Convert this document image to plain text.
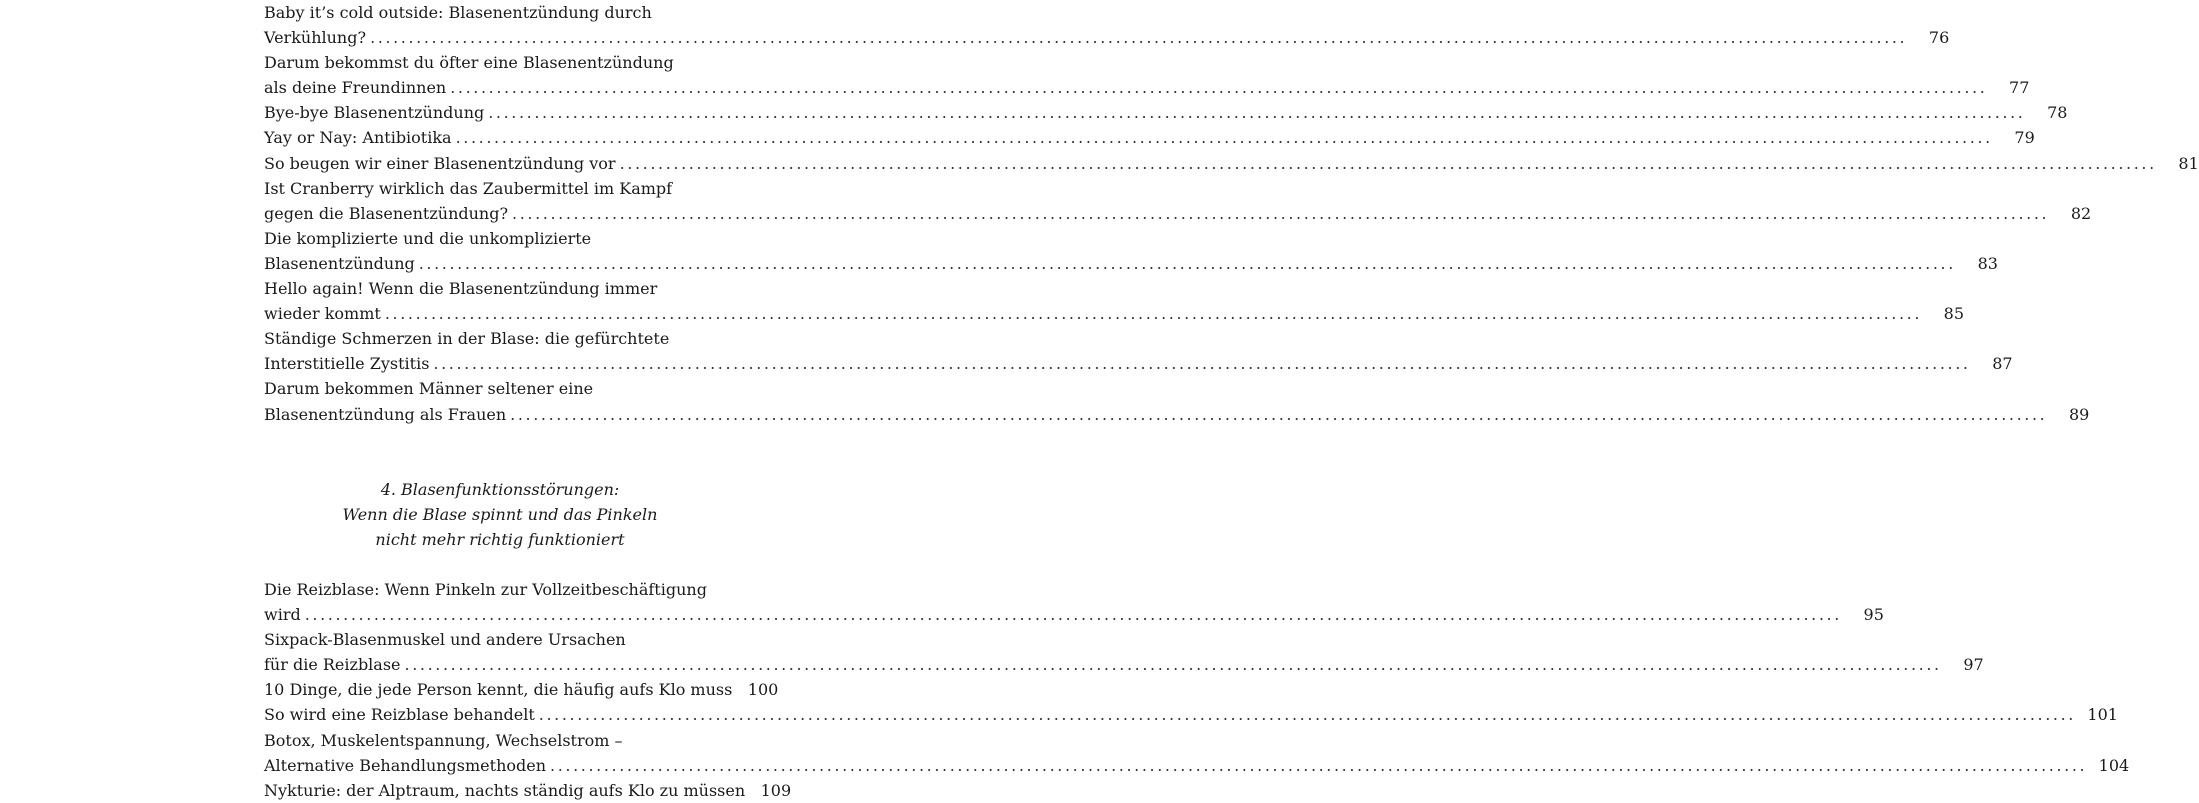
Baby it’s cold outside: Blasenentzündung durch
Verkühlung? ........................................................................................................................................................................................................	76
Darum bekommst du öfter eine Blasenentzündung
als deine Freundinnen ........................................................................................................................................................................................................	77
Bye-bye Blasenentzündung ........................................................................................................................................................................................................	78
Yay or Nay: Antibiotika ........................................................................................................................................................................................................	79
So beugen wir einer Blasenentzündung vor ........................................................................................................................................................................................................	81
Ist Cranberry wirklich das Zaubermittel im Kampf
gegen die Blasenentzündung? ........................................................................................................................................................................................................	82
Die komplizierte und die unkomplizierte
Blasenentzündung ........................................................................................................................................................................................................	83
Hello again! Wenn die Blasenentzündung immer
wieder kommt ........................................................................................................................................................................................................	85
Ständige Schmerzen in der Blase: die gefürchtete
Interstitielle Zystitis ........................................................................................................................................................................................................	87
Darum bekommen Männer seltener eine
Blasenentzündung als Frauen ........................................................................................................................................................................................................	89
4. Blasenfunktionsstörungen:
Wenn die Blase spinnt und das Pinkeln
nicht mehr richtig funktioniert
Die Reizblase: Wenn Pinkeln zur Vollzeitbeschäftigung
wird ........................................................................................................................................................................................................	95
Sixpack-Blasenmuskel und andere Ursachen
für die Reizblase ........................................................................................................................................................................................................	97
10 Dinge, die jede Person kennt, die häufig aufs Klo muss 100
So wird eine Reizblase behandelt ........................................................................................................................................................................................................ 101
Botox, Muskelentspannung, Wechselstrom –
Alternative Behandlungsmethoden ........................................................................................................................................................................................................ 104
Nykturie: der Alptraum, nachts ständig aufs Klo zu müssen 109
